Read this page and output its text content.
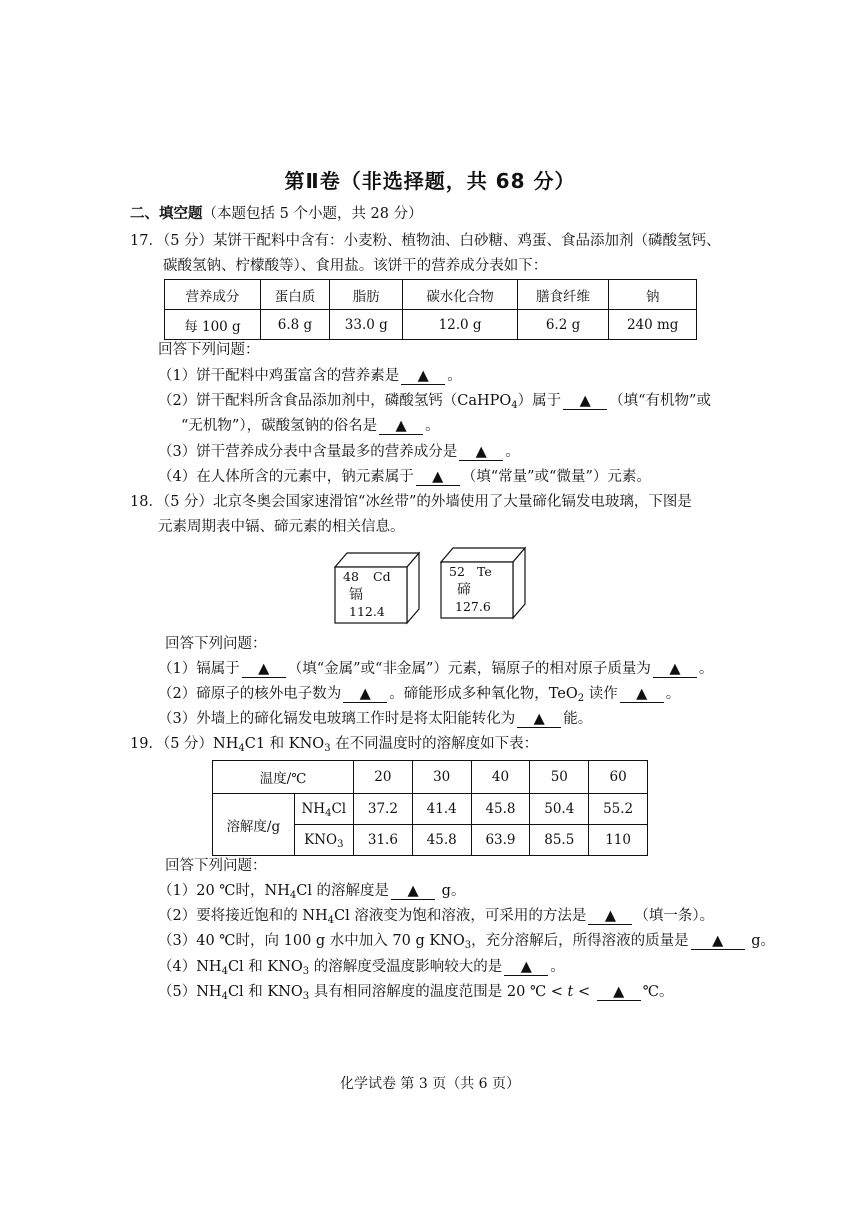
第Ⅱ卷（非选择题，共 68 分）
二、填空题（本题包括 5 个小题，共 28 分）
17．（5 分）某饼干配料中含有：小麦粉、植物油、白砂糖、鸡蛋、食品添加剂（磷酸氢钙、
碳酸氢钠、柠檬酸等）、食用盐。该饼干的营养成分表如下：
营养成分	蛋白质	脂肪	碳水化合物	膳食纤维	钠
每 100 g	6.8 g	33.0 g	12.0 g	6.2 g	240 mg
回答下列问题：
（1）饼干配料中鸡蛋富含的营养素是 ▲ 。
（2）饼干配料所含食品添加剂中，磷酸氢钙（CaHPO$_4$）属于 ▲ （填“有机物”或
“无机物”），碳酸氢钠的俗名是 ▲ 。
（3）饼干营养成分表中含量最多的营养成分是 ▲ 。
（4）在人体所含的元素中，钠元素属于 ▲ （填“常量”或“微量”）元素。
18．（5 分）北京冬奥会国家速滑馆“冰丝带”的外墙使用了大量碲化镉发电玻璃，下图是
元素周期表中镉、碲元素的相关信息。
48 Cd
镉
112.4
52 Te
碲
127.6
回答下列问题：
（1）镉属于 ▲ （填“金属”或“非金属”）元素，镉原子的相对原子质量为 ▲ 。
（2）碲原子的核外电子数为 ▲ 。碲能形成多种氧化物，TeO$_2$ 读作 ▲ 。
（3）外墙上的碲化镉发电玻璃工作时是将太阳能转化为 ▲ 能。
19．（5 分）$NH_4C1$ 和 $KNO_3$ 在不同温度时的溶解度如下表：
温度/℃		20	30	40	50	60
溶解度/g	$NH_4Cl$	37.2	41.4	45.8	50.4	55.2
	$KNO_3$	31.6	45.8	63.9	85.5	110
回答下列问题：
（1）20 ℃时，$NH_4Cl$ 的溶解度是 ▲ g。
（2）要将接近饱和的 $NH_4Cl$ 溶液变为饱和溶液，可采用的方法是 ▲ （填一条）。
（3）40 ℃时，向 100 g 水中加入 70 g $KNO_3$，充分溶解后，所得溶液的质量是 ▲ g。
$(4)NH_4Cl$ 和 $KNO_3$ 的溶解度受温度影响较大的是 ▲ 。
$(5)NH_4Cl$ 和 $KNO_3$ 具有相同溶解度的温度范围是 20 ℃ < t < ▲ ℃。
化学试卷 第 3 页（共 6 页）
